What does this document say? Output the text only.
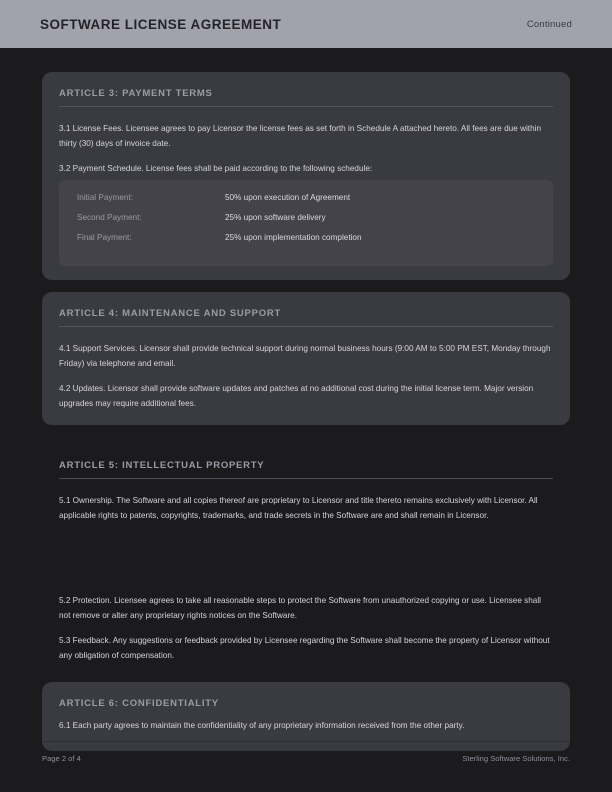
SOFTWARE LICENSE AGREEMENT	Continued
ARTICLE 3: PAYMENT TERMS

3.1 License Fees. Licensee agrees to pay Licensor the license fees as set forth in Schedule A attached hereto. All fees are due within thirty (30) days of invoice date.

3.2 Payment Schedule. License fees shall be paid according to the following schedule:

Initial Payment:	50% upon execution of Agreement
Second Payment:	25% upon software delivery
Final Payment:	25% upon implementation completion
ARTICLE 4: MAINTENANCE AND SUPPORT

4.1 Support Services. Licensor shall provide technical support during normal business hours (9:00 AM to 5:00 PM EST, Monday through Friday) via telephone and email.

4.2 Updates. Licensor shall provide software updates and patches at no additional cost during the initial license term. Major version upgrades may require additional fees.

ARTICLE 5: INTELLECTUAL PROPERTY

5.1 Ownership. The Software and all copies thereof are proprietary to Licensor and title thereto remains exclusively with Licensor. All applicable rights to patents, copyrights, trademarks, and trade secrets in the Software are and shall remain in Licensor.

5.2 Protection. Licensee agrees to take all reasonable steps to protect the Software from unauthorized copying or use. Licensee shall not remove or alter any proprietary rights notices on the Software.

5.3 Feedback. Any suggestions or feedback provided by Licensee regarding the Software shall become the property of Licensor without any obligation of compensation.

ARTICLE 6: CONFIDENTIALITY

6.1 Each party agrees to maintain the confidentiality of any proprietary information received from the other party.

Page 2 of 4	Sterling Software Solutions, Inc.
